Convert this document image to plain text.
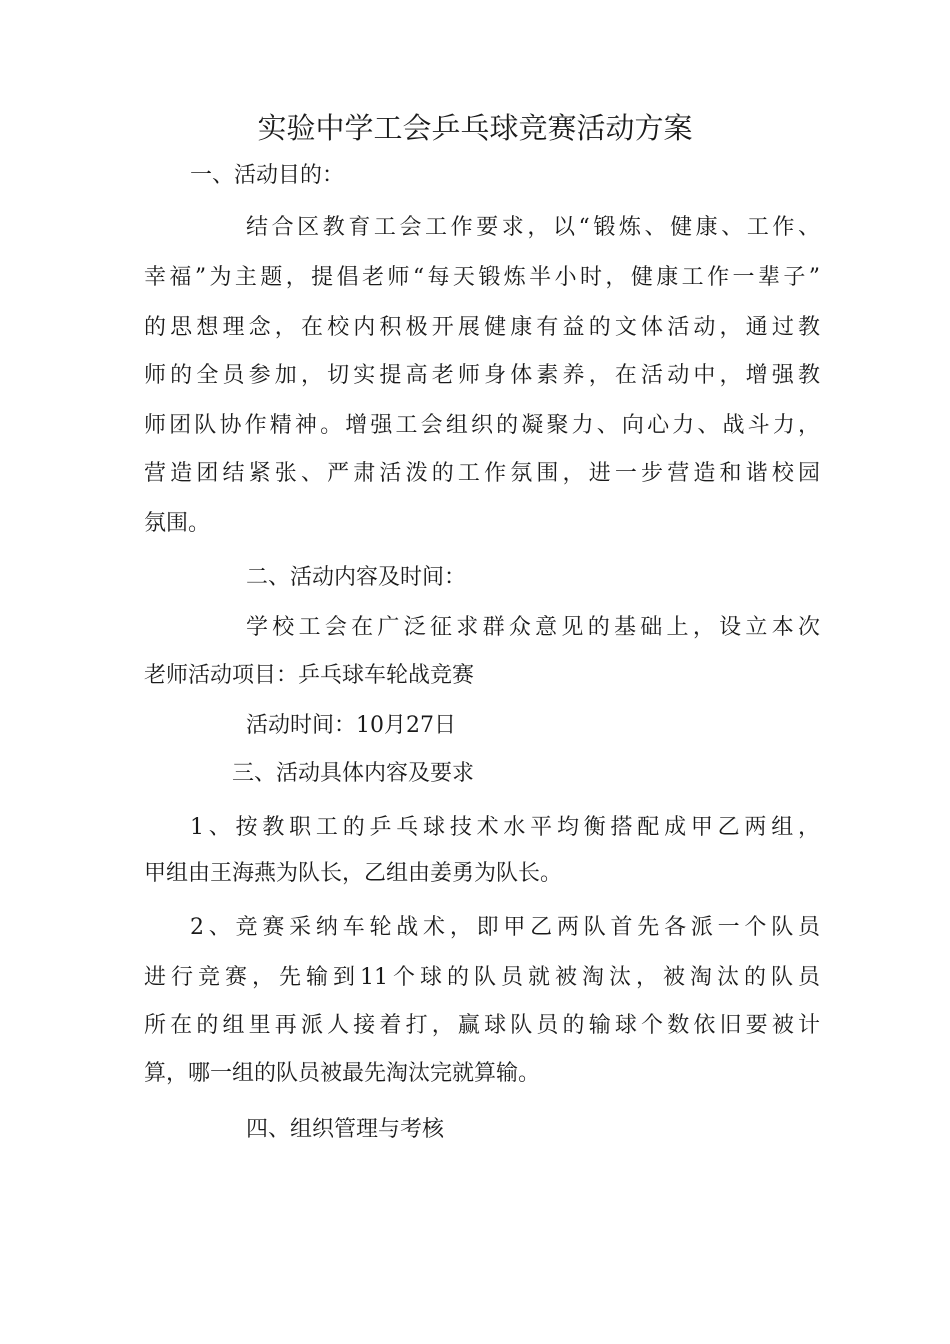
实验中学工会乒乓球竞赛活动方案
一、活动目的：
结合区教育工会工作要求，以“锻炼、健康、工作、
幸福”为主题，提倡老师“每天锻炼半小时，健康工作一辈子”
的思想理念，在校内积极开展健康有益的文体活动，通过教
师的全员参加，切实提高老师身体素养，在活动中，增强教
师团队协作精神。增强工会组织的凝聚力、向心力、战斗力，
营造团结紧张、严肃活泼的工作氛围，进一步营造和谐校园
氛围。
二、活动内容及时间：
学校工会在广泛征求群众意见的基础上，设立本次
老师活动项目：乒乓球车轮战竞赛
活动时间：10月27日
三、活动具体内容及要求
1、按教职工的乒乓球技术水平均衡搭配成甲乙两组，
甲组由王海燕为队长，乙组由姜勇为队长。
2、竞赛采纳车轮战术，即甲乙两队首先各派一个队员
进行竞赛，先输到11个球的队员就被淘汰，被淘汰的队员
所在的组里再派人接着打，赢球队员的输球个数依旧要被计
算，哪一组的队员被最先淘汰完就算输。
四、组织管理与考核
